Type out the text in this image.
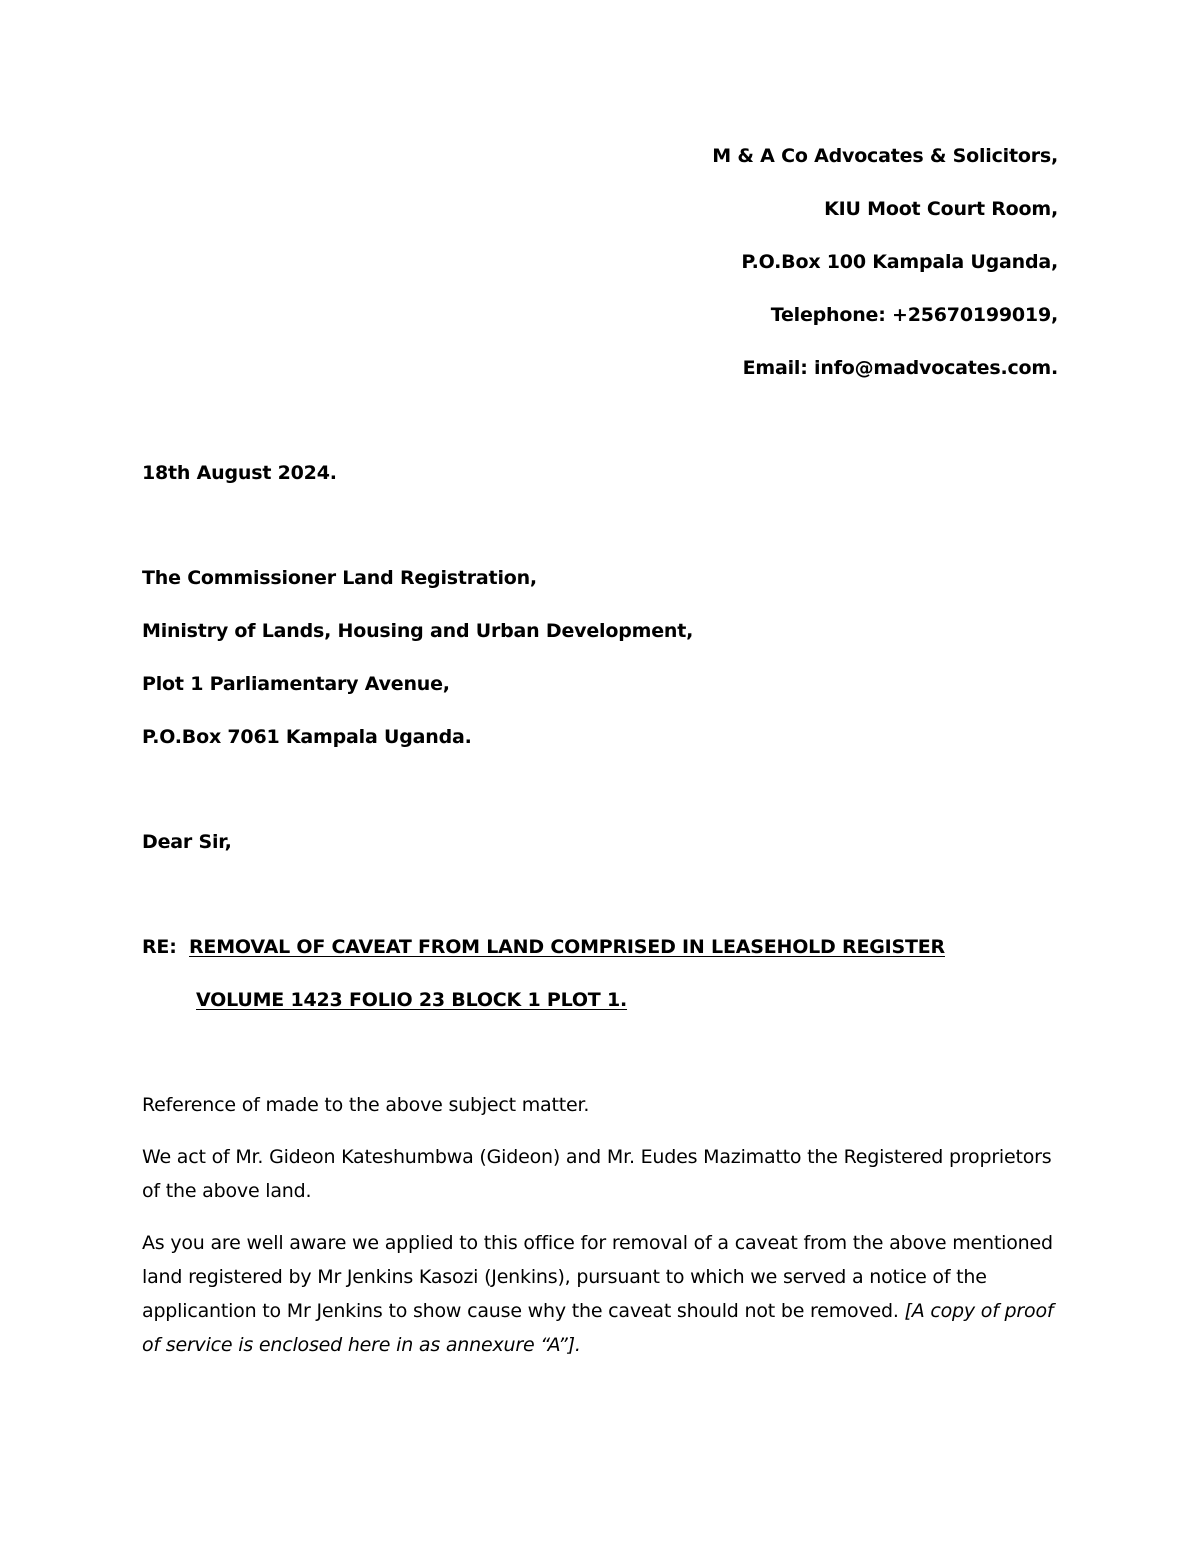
M & A Co Advocates & Solicitors,
KIU Moot Court Room,
P.O.Box 100 Kampala Uganda,
Telephone: +25670199019,
Email: info@madvocates.com.
18th August 2024.
The Commissioner Land Registration,
Ministry of Lands, Housing and Urban Development,
Plot 1 Parliamentary Avenue,
P.O.Box 7061 Kampala Uganda.
Dear Sir,
RE: REMOVAL OF CAVEAT FROM LAND COMPRISED IN LEASEHOLD REGISTER
VOLUME 1423 FOLIO 23 BLOCK 1 PLOT 1.
Reference of made to the above subject matter.
We act of Mr. Gideon Kateshumbwa (Gideon) and Mr. Eudes Mazimatto the Registered proprietors of the above land.
As you are well aware we applied to this office for removal of a caveat from the above mentioned land registered by Mr Jenkins Kasozi (Jenkins), pursuant to which we served a notice of the applicantion to Mr Jenkins to show cause why the caveat should not be removed. [A copy of proof of service is enclosed here in as annexure “A”].
